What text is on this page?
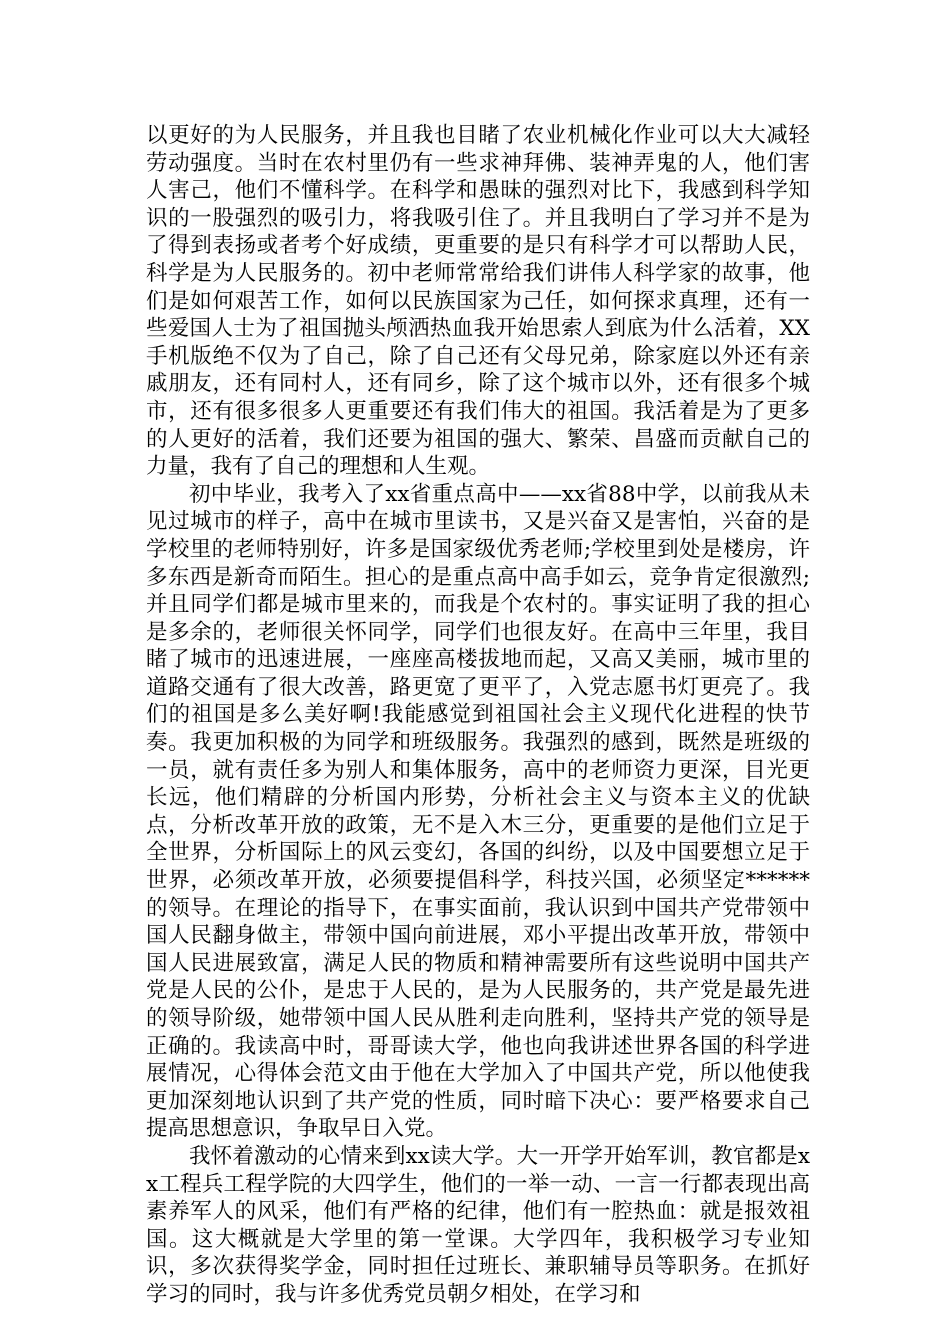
以更好的为人民服务，并且我也目睹了农业机械化作业可以大大减轻劳动强度。当时在农村里仍有一些求神拜佛、装神弄鬼的人，他们害人害己，他们不懂科学。在科学和愚昧的强烈对比下，我感到科学知识的一股强烈的吸引力，将我吸引住了。并且我明白了学习并不是为了得到表扬或者考个好成绩，更重要的是只有科学才可以帮助人民，科学是为人民服务的。初中老师常常给我们讲伟人科学家的故事，他们是如何艰苦工作，如何以民族国家为己任，如何探求真理，还有一些爱国人士为了祖国抛头颅洒热血我开始思索人到底为什么活着，XX手机版绝不仅为了自己，除了自己还有父母兄弟，除家庭以外还有亲戚朋友，还有同村人，还有同乡，除了这个城市以外，还有很多个城市，还有很多很多人更重要还有我们伟大的祖国。我活着是为了更多的人更好的活着，我们还要为祖国的强大、繁荣、昌盛而贡献自己的力量，我有了自己的理想和人生观。

初中毕业，我考入了xx省重点高中——xx省88中学，以前我从未见过城市的样子，高中在城市里读书，又是兴奋又是害怕，兴奋的是学校里的老师特别好，许多是国家级优秀老师;学校里到处是楼房，许多东西是新奇而陌生。担心的是重点高中高手如云，竞争肯定很激烈;并且同学们都是城市里来的，而我是个农村的。事实证明了我的担心是多余的，老师很关怀同学，同学们也很友好。在高中三年里，我目睹了城市的迅速进展，一座座高楼拔地而起，又高又美丽，城市里的道路交通有了很大改善，路更宽了更平了，入党志愿书灯更亮了。我们的祖国是多么美好啊!我能感觉到祖国社会主义现代化进程的快节奏。我更加积极的为同学和班级服务。我强烈的感到，既然是班级的一员，就有责任多为别人和集体服务，高中的老师资力更深，目光更长远，他们精辟的分析国内形势，分析社会主义与资本主义的优缺点，分析改革开放的政策，无不是入木三分，更重要的是他们立足于全世界，分析国际上的风云变幻，各国的纠纷，以及中国要想立足于世界，必须改革开放，必须要提倡科学，科技兴国，必须坚定******的领导。在理论的指导下，在事实面前，我认识到中国共产党带领中国人民翻身做主，带领中国向前进展，邓小平提出改革开放，带领中国人民进展致富，满足人民的物质和精神需要所有这些说明中国共产党是人民的公仆，是忠于人民的，是为人民服务的，共产党是最先进的领导阶级，她带领中国人民从胜利走向胜利，坚持共产党的领导是正确的。我读高中时，哥哥读大学，他也向我讲述世界各国的科学进展情况，心得体会范文由于他在大学加入了中国共产党，所以他使我更加深刻地认识到了共产党的性质，同时暗下决心：要严格要求自己提高思想意识，争取早日入党。

我怀着激动的心情来到xx读大学。大一开学开始军训，教官都是xx工程兵工程学院的大四学生，他们的一举一动、一言一行都表现出高素养军人的风采，他们有严格的纪律，他们有一腔热血：就是报效祖国。这大概就是大学里的第一堂课。大学四年，我积极学习专业知识，多次获得奖学金，同时担任过班长、兼职辅导员等职务。在抓好学习的同时，我与许多优秀党员朝夕相处，在学习和
